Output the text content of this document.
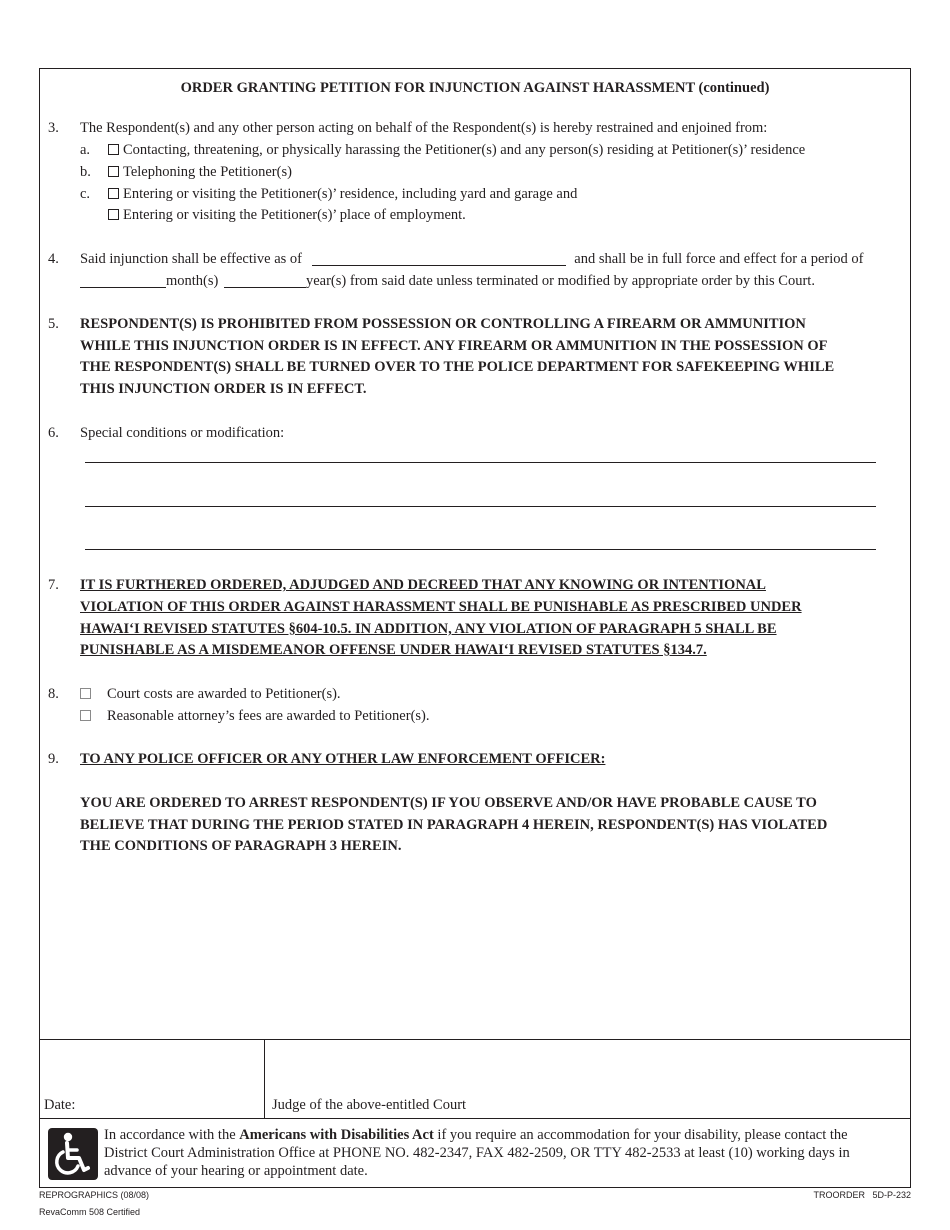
ORDER GRANTING PETITION FOR INJUNCTION AGAINST HARASSMENT (continued)
3. The Respondent(s) and any other person acting on behalf of the Respondent(s) is hereby restrained and enjoined from:
a.	Contacting, threatening, or physically harassing the Petitioner(s) and any person(s) residing at Petitioner(s)’ residence
b.	Telephoning the Petitioner(s)
c.	Entering or visiting the Petitioner(s)’ residence, including yard and garage and
Entering or visiting the Petitioner(s)’ place of employment.
4. Said injunction shall be effective as of	and shall be in full force and effect for a period of
month(s)	year(s) from said date unless terminated or modified by appropriate order by this Court.
5. RESPONDENT(S) IS PROHIBITED FROM POSSESSION OR CONTROLLING A FIREARM OR AMMUNITION
WHILE THIS INJUNCTION ORDER IS IN EFFECT. ANY FIREARM OR AMMUNITION IN THE POSSESSION OF
THE RESPONDENT(S) SHALL BE TURNED OVER TO THE POLICE DEPARTMENT FOR SAFEKEEPING WHILE
THIS INJUNCTION ORDER IS IN EFFECT.
6. Special conditions or modification:
7. IT IS FURTHERED ORDERED, ADJUDGED AND DECREED THAT ANY KNOWING OR INTENTIONAL
VIOLATION OF THIS ORDER AGAINST HARASSMENT SHALL BE PUNISHABLE AS PRESCRIBED UNDER
HAWAI‘I REVISED STATUTES §604-10.5. IN ADDITION, ANY VIOLATION OF PARAGRAPH 5 SHALL BE
PUNISHABLE AS A MISDEMEANOR OFFENSE UNDER HAWAI‘I REVISED STATUTES §134.7.
8.	Court costs are awarded to Petitioner(s).
Reasonable attorney’s fees are awarded to Petitioner(s).
9. TO ANY POLICE OFFICER OR ANY OTHER LAW ENFORCEMENT OFFICER:
YOU ARE ORDERED TO ARREST RESPONDENT(S) IF YOU OBSERVE AND/OR HAVE PROBABLE CAUSE TO
BELIEVE THAT DURING THE PERIOD STATED IN PARAGRAPH 4 HEREIN, RESPONDENT(S) HAS VIOLATED
THE CONDITIONS OF PARAGRAPH 3 HEREIN.
Date:	Judge of the above-entitled Court
In accordance with the Americans with Disabilities Act if you require an accommodation for your disability, please contact the
District Court Administration Office at PHONE NO. 482-2347, FAX 482-2509, OR TTY 482-2533 at least (10) working days in
advance of your hearing or appointment date.
REPROGRAPHICS (08/08)
RevaComm 508 Certified
TROORDER   5D-P-232
